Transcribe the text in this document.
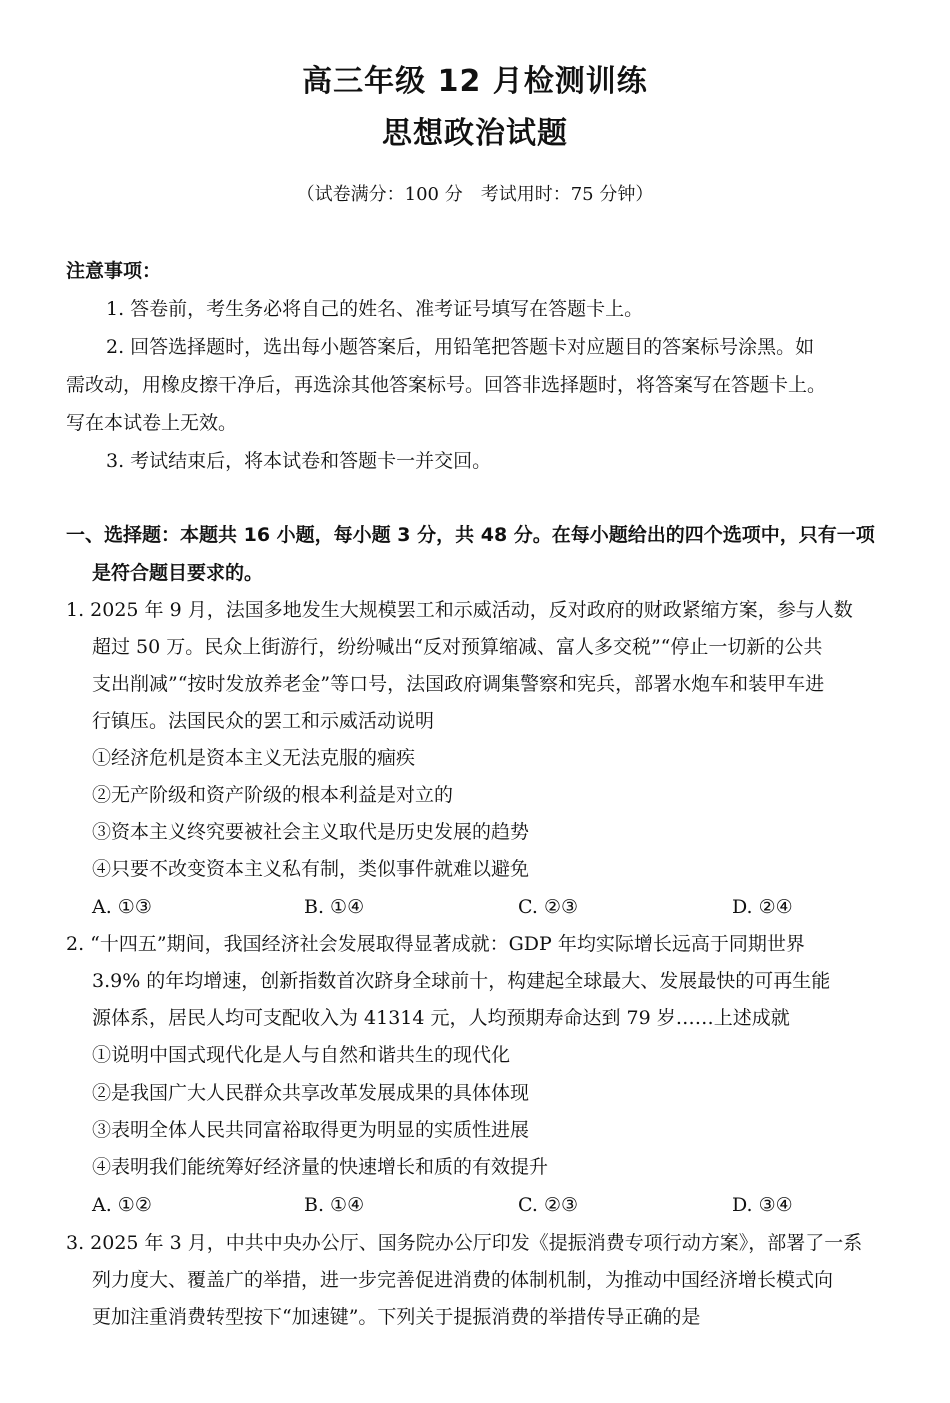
高三年级 12 月检测训练
思想政治试题
（试卷满分：100 分　考试用时：75 分钟）
注意事项：
1. 答卷前，考生务必将自己的姓名、准考证号填写在答题卡上。
2. 回答选择题时，选出每小题答案后，用铅笔把答题卡对应题目的答案标号涂黑。如
需改动，用橡皮擦干净后，再选涂其他答案标号。回答非选择题时，将答案写在答题卡上。
写在本试卷上无效。
3. 考试结束后，将本试卷和答题卡一并交回。
一、选择题：本题共 16 小题，每小题 3 分，共 48 分。在每小题给出的四个选项中，只有一项
是符合题目要求的。
1. 2025 年 9 月，法国多地发生大规模罢工和示威活动，反对政府的财政紧缩方案，参与人数
超过 50 万。民众上街游行，纷纷喊出“反对预算缩减、富人多交税”“停止一切新的公共
支出削减”“按时发放养老金”等口号，法国政府调集警察和宪兵，部署水炮车和装甲车进
行镇压。法国民众的罢工和示威活动说明
①经济危机是资本主义无法克服的痼疾
②无产阶级和资产阶级的根本利益是对立的
③资本主义终究要被社会主义取代是历史发展的趋势
④只要不改变资本主义私有制，类似事件就难以避免
A. ①③	B. ①④	C. ②③	D. ②④
2. “十四五”期间，我国经济社会发展取得显著成就：GDP 年均实际增长远高于同期世界
3.9% 的年均增速，创新指数首次跻身全球前十，构建起全球最大、发展最快的可再生能
源体系，居民人均可支配收入为 41314 元，人均预期寿命达到 79 岁……上述成就
①说明中国式现代化是人与自然和谐共生的现代化
②是我国广大人民群众共享改革发展成果的具体体现
③表明全体人民共同富裕取得更为明显的实质性进展
④表明我们能统筹好经济量的快速增长和质的有效提升
A. ①②	B. ①④	C. ②③	D. ③④
3. 2025 年 3 月，中共中央办公厅、国务院办公厅印发《提振消费专项行动方案》，部署了一系
列力度大、覆盖广的举措，进一步完善促进消费的体制机制，为推动中国经济增长模式向
更加注重消费转型按下“加速键”。下列关于提振消费的举措传导正确的是
